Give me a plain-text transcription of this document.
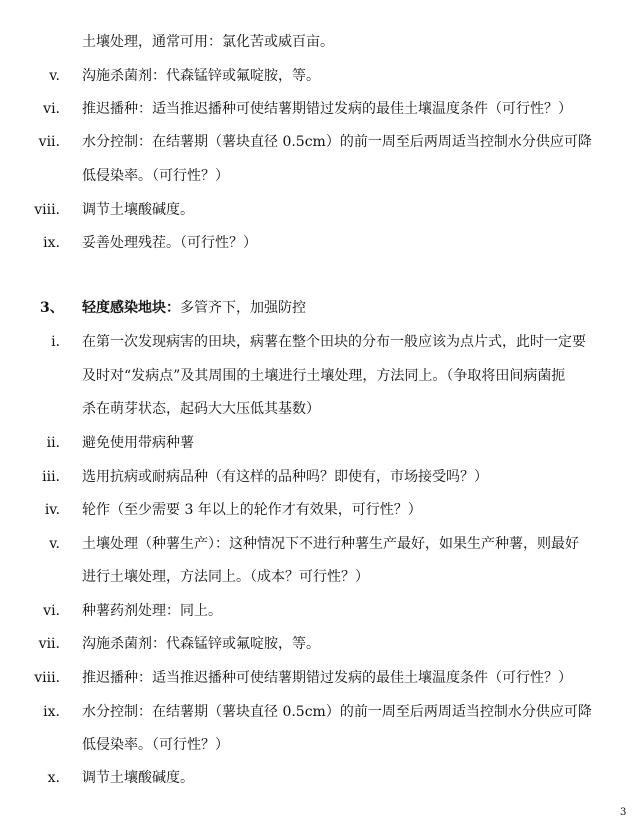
土壤处理，通常可用：氯化苦或威百亩。
v. 沟施杀菌剂：代森锰锌或氟啶胺，等。
vi. 推迟播种：适当推迟播种可使结薯期错过发病的最佳土壤温度条件（可行性？）
vii. 水分控制：在结薯期（薯块直径 0.5cm）的前一周至后两周适当控制水分供应可降
低侵染率。（可行性？）
viii. 调节土壤酸碱度。
ix. 妥善处理残茬。（可行性？）
3、 轻度感染地块：多管齐下，加强防控
i. 在第一次发现病害的田块，病薯在整个田块的分布一般应该为点片式，此时一定要
及时对“发病点”及其周围的土壤进行土壤处理，方法同上。（争取将田间病菌扼
杀在萌芽状态，起码大大压低其基数）
ii. 避免使用带病种薯
iii. 选用抗病或耐病品种（有这样的品种吗？即使有，市场接受吗？）
iv. 轮作（至少需要 3 年以上的轮作才有效果，可行性？）
v. 土壤处理（种薯生产）：这种情况下不进行种薯生产最好，如果生产种薯，则最好
进行土壤处理，方法同上。（成本？可行性？）
vi. 种薯药剂处理：同上。
vii. 沟施杀菌剂：代森锰锌或氟啶胺，等。
viii. 推迟播种：适当推迟播种可使结薯期错过发病的最佳土壤温度条件（可行性？）
ix. 水分控制：在结薯期（薯块直径 0.5cm）的前一周至后两周适当控制水分供应可降
低侵染率。（可行性？）
x. 调节土壤酸碱度。
3
